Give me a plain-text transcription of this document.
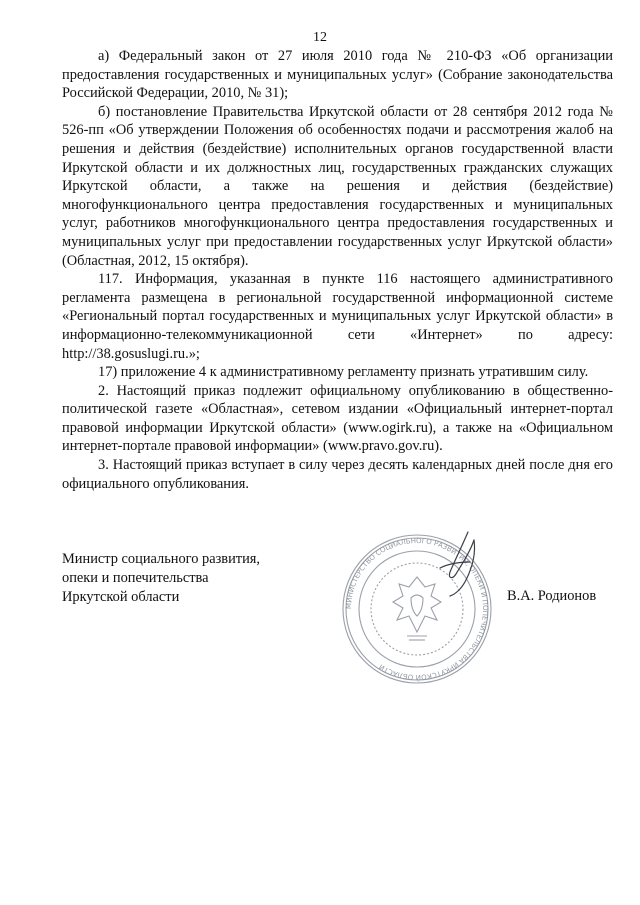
12

а) Федеральный закон от 27 июля 2010 года № 210-ФЗ «Об организации предоставления государственных и муниципальных услуг» (Собрание законодательства Российской Федерации, 2010, № 31);

б) постановление Правительства Иркутской области от 28 сентября 2012 года № 526-пп «Об утверждении Положения об особенностях подачи и рассмотрения жалоб на решения и действия (бездействие) исполнительных органов государственной власти Иркутской области и их должностных лиц, государственных гражданских служащих Иркутской области, а также на решения и действия (бездействие) многофункционального центра предоставления государственных и муниципальных услуг, работников многофункционального центра предоставления государственных и муниципальных услуг при предоставлении государственных услуг Иркутской области» (Областная, 2012, 15 октября).

117. Информация, указанная в пункте 116 настоящего административного регламента размещена в региональной государственной информационной системе «Региональный портал государственных и муниципальных услуг Иркутской области» в информационно-телекоммуникационной сети «Интернет» по адресу: http://38.gosuslugi.ru.»;

17) приложение 4 к административному регламенту признать утратившим силу.

2. Настоящий приказ подлежит официальному опубликованию в общественно-политической газете «Областная», сетевом издании «Официальный интернет-портал правовой информации Иркутской области» (www.ogirk.ru), а также на «Официальном интернет-портале правовой информации» (www.pravo.gov.ru).

3. Настоящий приказ вступает в силу через десять календарных дней после дня его официального опубликования.

Министр социального развития,
опеки и попечительства
Иркутской области
МИНИСТЕРСТВО СОЦИАЛЬНОГО РАЗВИТИЯ, ОПЕКИ И ПОПЕЧИТЕЛЬСТВА ИРКУТСКОЙ ОБЛАСТИ
В.А. Родионов
